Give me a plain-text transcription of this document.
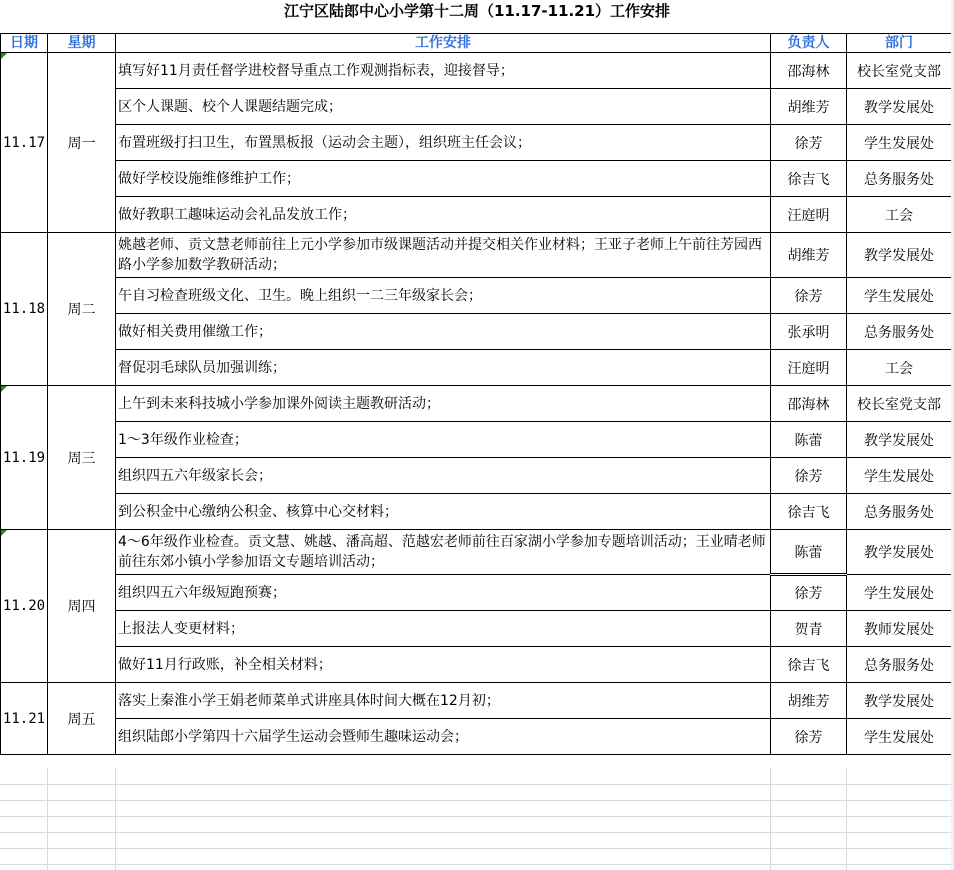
江宁区陆郎中心小学第十二周（11.17-11.21）工作安排
日期	星期	工作安排	负责人	部门

11.17	周一	填写好11月责任督学进校督导重点工作观测指标表，迎接督导；	邵海林	校长室党支部
		区个人课题、校个人课题结题完成；	胡维芳	教学发展处
		布置班级打扫卫生，布置黑板报（运动会主题），组织班主任会议；	徐芳	学生发展处
		做好学校设施维修维护工作；	徐吉飞	总务服务处
		做好教职工趣味运动会礼品发放工作；	汪庭明	工会
11.18	周二	姚越老师、贡文慧老师前往上元小学参加市级课题活动并提交相关作业材料；王亚子老师上午前往芳园西路小学参加数学教研活动；	胡维芳	教学发展处
		午自习检查班级文化、卫生。晚上组织一二三年级家长会；	徐芳	学生发展处
		做好相关费用催缴工作；	张承明	总务服务处
		督促羽毛球队员加强训练；	汪庭明	工会

11.19	周三	上午到未来科技城小学参加课外阅读主题教研活动；	邵海林	校长室党支部
		1～3年级作业检查；	陈蕾	教学发展处
		组织四五六年级家长会；	徐芳	学生发展处
		到公积金中心缴纳公积金、核算中心交材料；	徐吉飞	总务服务处

11.20	周四	4～6年级作业检查。贡文慧、姚越、潘高超、范越宏老师前往百家湖小学参加专题培训活动；王业晴老师前往东郊小镇小学参加语文专题培训活动；	陈蕾	教学发展处
		组织四五六年级短跑预赛；	徐芳	学生发展处
		上报法人变更材料；	贺青	教师发展处
		做好11月行政账，补全相关材料；	徐吉飞	总务服务处
11.21	周五	落实上秦淮小学王娟老师菜单式讲座具体时间大概在12月初；	胡维芳	教学发展处
		组织陆郎小学第四十六届学生运动会暨师生趣味运动会；	徐芳	学生发展处
